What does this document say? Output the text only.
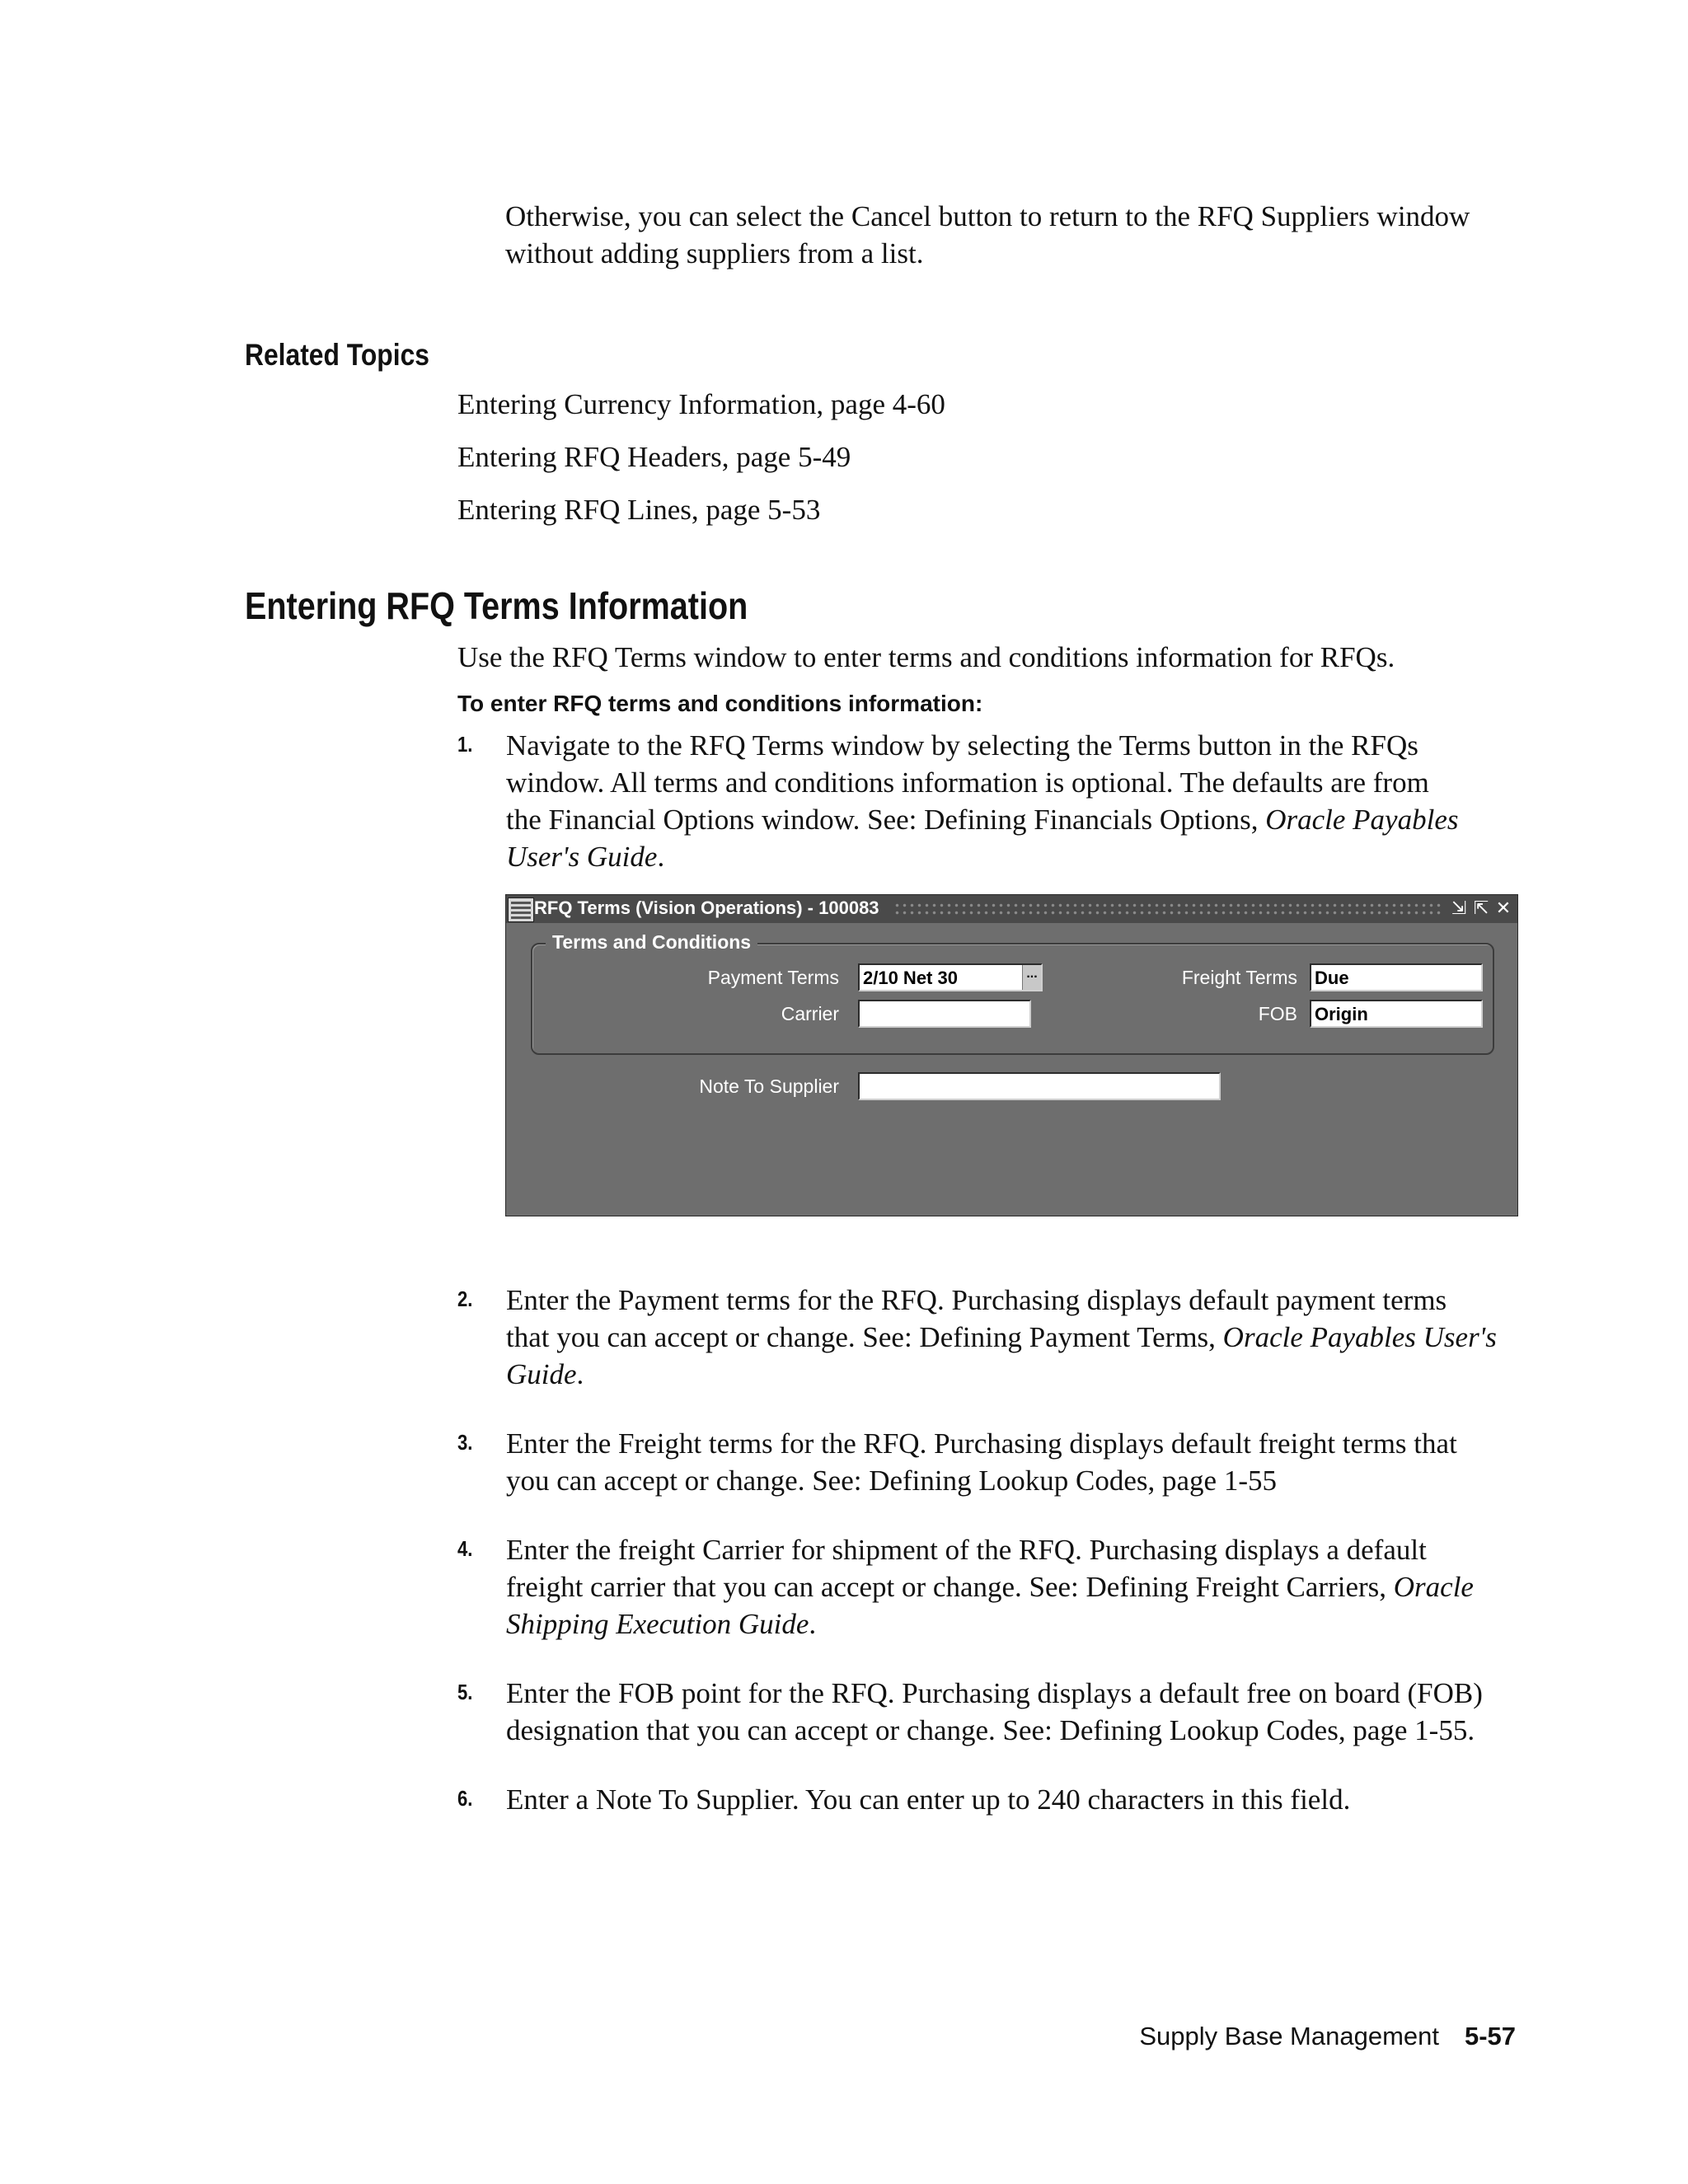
Otherwise, you can select the Cancel button to return to the RFQ Suppliers window

without adding suppliers from a list.

Related Topics
Entering Currency Information, page 4-60
Entering RFQ Headers, page 5-49
Entering RFQ Lines, page 5-53
Entering RFQ Terms Information
Use the RFQ Terms window to enter terms and conditions information for RFQs.
To enter RFQ terms and conditions information:
1. Navigate to the RFQ Terms window by selecting the Terms button in the RFQs
window. All terms and conditions information is optional. The defaults are from
the Financial Options window. See: Defining Financials Options, Oracle Payables
User's Guide.
RFQ Terms (Vision Operations) - 100083	⇲ ⇱ ✕
Terms and Conditions
Payment Terms 2/10 Net 30	...
Carrier
Freight Terms Due
FOB Origin
Note To Supplier
2. Enter the Payment terms for the RFQ. Purchasing displays default payment terms
that you can accept or change. See: Defining Payment Terms, Oracle Payables User's
Guide.
3. Enter the Freight terms for the RFQ. Purchasing displays default freight terms that
you can accept or change. See: Defining Lookup Codes, page 1-55
4. Enter the freight Carrier for shipment of the RFQ. Purchasing displays a default
freight carrier that you can accept or change. See: Defining Freight Carriers, Oracle
Shipping Execution Guide.
5. Enter the FOB point for the RFQ. Purchasing displays a default free on board (FOB)
designation that you can accept or change. See: Defining Lookup Codes, page 1-55.
6. Enter a Note To Supplier. You can enter up to 240 characters in this field.
Supply Base Management 5-57
